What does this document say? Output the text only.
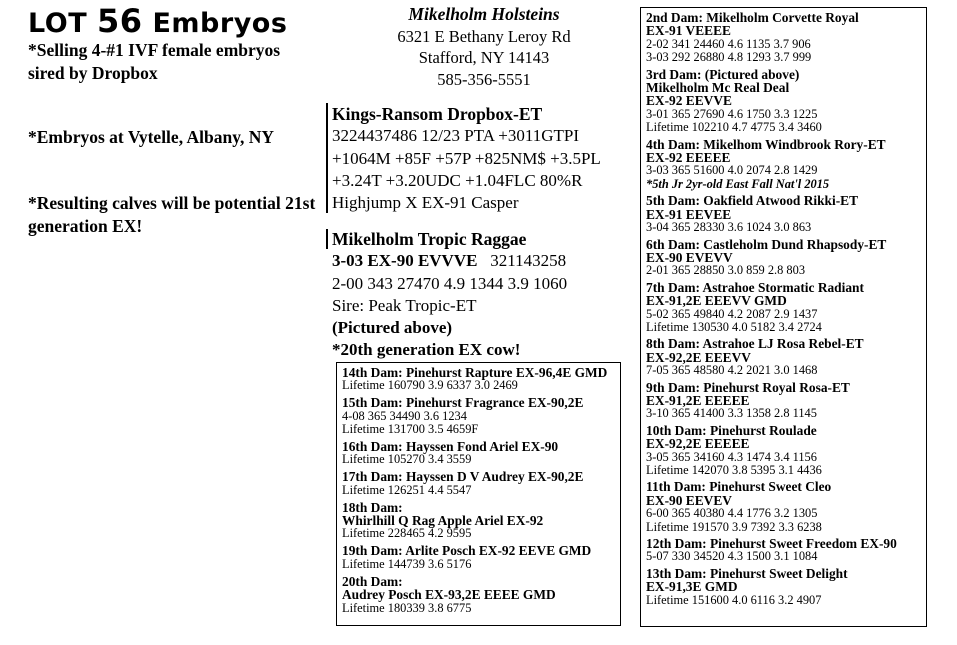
LOT 56 Embryos
*Selling 4-#1 IVF female embryos sired by Dropbox
*Embryos at Vytelle, Albany, NY
*Resulting calves will be potential 21st generation EX!
Mikelholm Holsteins
6321 E Bethany Leroy Rd
Stafford, NY 14143
585-356-5551
Kings-Ransom Dropbox-ET
3224437486 12/23 PTA +3011GTPI
+1064M +85F +57P +825NM$ +3.5PL
+3.24T +3.20UDC +1.04FLC 80%R
Highjump X EX-91 Casper
Mikelholm Tropic Raggae
3-03 EX-90 EVVVE 321143258
2-00 343 27470 4.9 1344 3.9 1060
Sire: Peak Tropic-ET
(Pictured above)
*20th generation EX cow!
14th Dam: Pinehurst Rapture EX-96,4E GMD
Lifetime 160790 3.9 6337 3.0 2469
15th Dam: Pinehurst Fragrance EX-90,2E
4-08 365 34490 3.6 1234
Lifetime 131700 3.5 4659F
16th Dam: Hayssen Fond Ariel EX-90
Lifetime 105270 3.4 3559
17th Dam: Hayssen D V Audrey EX-90,2E
Lifetime 126251 4.4 5547
18th Dam:
Whirlhill Q Rag Apple Ariel EX-92
Lifetime 228465 4.2 9595
19th Dam: Arlite Posch EX-92 EEVE GMD
Lifetime 144739 3.6 5176
20th Dam:
Audrey Posch EX-93,2E EEEE GMD
Lifetime 180339 3.8 6775
2nd Dam: Mikelholm Corvette Royal
EX-91 VEEEE
2-02 341 24460 4.6 1135 3.7 906
3-03 292 26880 4.8 1293 3.7 999
3rd Dam: (Pictured above)
Mikelholm Mc Real Deal
EX-92 EEVVE
3-01 365 27690 4.6 1750 3.3 1225
Lifetime 102210 4.7 4775 3.4 3460
4th Dam: Mikelhom Windbrook Rory-ET
EX-92 EEEEE
3-03 365 51600 4.0 2074 2.8 1429
*5th Jr 2yr-old East Fall Nat'l 2015
5th Dam: Oakfield Atwood Rikki-ET
EX-91 EEVEE
3-04 365 28330 3.6 1024 3.0 863
6th Dam: Castleholm Dund Rhapsody-ET
EX-90 EVEVV
2-01 365 28850 3.0 859 2.8 803
7th Dam: Astrahoe Stormatic Radiant
EX-91,2E EEEVV GMD
5-02 365 49840 4.2 2087 2.9 1437
Lifetime 130530 4.0 5182 3.4 2724
8th Dam: Astrahoe LJ Rosa Rebel-ET
EX-92,2E EEEVV
7-05 365 48580 4.2 2021 3.0 1468
9th Dam: Pinehurst Royal Rosa-ET
EX-91,2E EEEEE
3-10 365 41400 3.3 1358 2.8 1145
10th Dam: Pinehurst Roulade
EX-92,2E EEEEE
3-05 365 34160 4.3 1474 3.4 1156
Lifetime 142070 3.8 5395 3.1 4436
11th Dam: Pinehurst Sweet Cleo
EX-90 EEVEV
6-00 365 40380 4.4 1776 3.2 1305
Lifetime 191570 3.9 7392 3.3 6238
12th Dam: Pinehurst Sweet Freedom EX-90
5-07 330 34520 4.3 1500 3.1 1084
13th Dam: Pinehurst Sweet Delight
EX-91,3E GMD
Lifetime 151600 4.0 6116 3.2 4907
